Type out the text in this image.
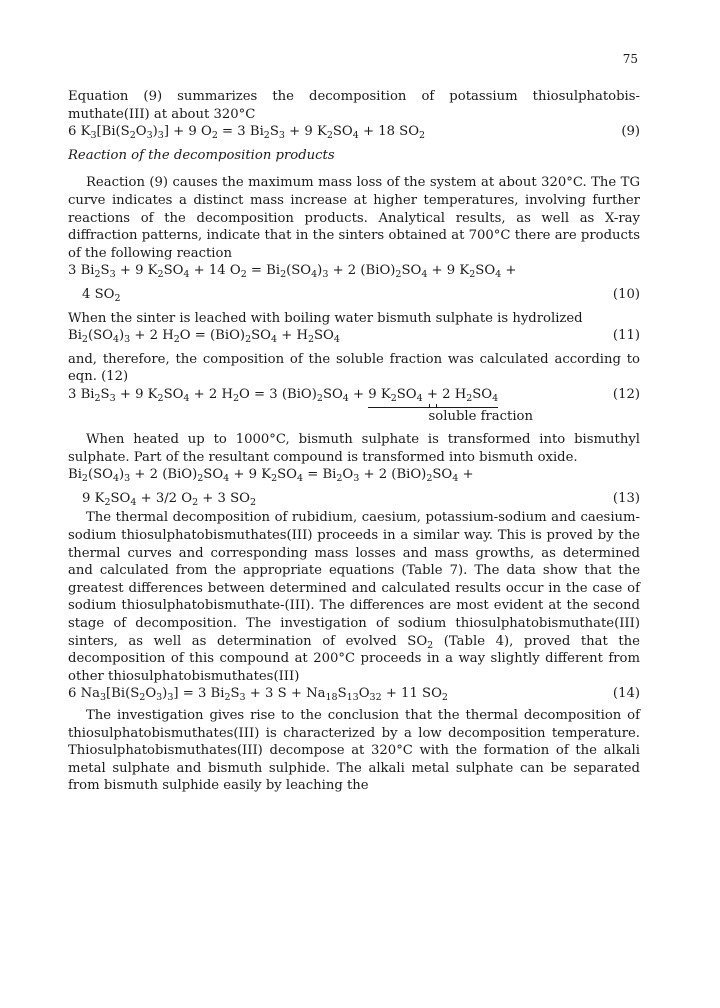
75

Equation (9) summarizes the decomposition of potassium thiosulphatobis-muthate(III) at about 320°C

6 $K_3[Bi(S_2O_3)_3] + 9$ $O_2 = 3$ $Bi_2S_3 + 9$ $K_2SO_4 + 18$ $SO_2$	(9)

Reaction of the decomposition products

Reaction (9) causes the maximum mass loss of the system at about 320°C. The TG curve indicates a distinct mass increase at higher temperatures, involving further reactions of the decomposition products. Analytical results, as well as X-ray diffraction patterns, indicate that in the sinters obtained at 700°C there are products of the following reaction

3 $Bi_2S_3 + 9$ $K_2SO_4 + 14$ $O_2 = Bi_2(SO_4)_3 + 2$ $(BiO)_2SO_4 + 9$ $K_2SO_4$ +
4 $SO_2$	(10)

When the sinter is leached with boiling water bismuth sulphate is hydrolized

$Bi_2(SO_4)_3 + 2$ $H_2O = (BiO)_2SO_4 + H_2SO_4$	(11)

and, therefore, the composition of the soluble fraction was calculated according to eqn. (12)

3 $Bi_2S_3 + 9$ $K_2SO_4 + 2$ $H_2O = 3$ $(BiO)_2SO_4 + 9$ $K_2SO_4 + 2$ $H_2SO_4$	(12)
soluble fraction

When heated up to 1000°C, bismuth sulphate is transformed into bismuthyl sulphate. Part of the resultant compound is transformed into bismuth oxide.

$Bi_2(SO_4)_3 + 2$ $(BiO)_2SO_4 + 9$ $K_2SO_4 = Bi_2O_3 + 2$ $(BiO)_2SO_4$ +
9 $K_2SO_4 + 3/2$ $O_2 + 3$ $SO_2$	(13)

The thermal decomposition of rubidium, caesium, potassium-sodium and caesium-sodium thiosulphatobismuthates(III) proceeds in a similar way. This is proved by the thermal curves and corresponding mass losses and mass growths, as determined and calculated from the appropriate equations (Table 7). The data show that the greatest differences between determined and calculated results occur in the case of sodium thiosulphatobismuthate-(III). The differences are most evident at the second stage of decomposition. The investigation of sodium thiosulphatobismuthate(III) sinters, as well as determination of evolved $SO_2$ (Table 4), proved that the decomposition of this compound at 200°C proceeds in a way slightly different from other thiosulphatobismuthates(III)

6 $Na_3[Bi(S_2O_3)_3] = 3$ $Bi_2S_3 + 3$ $S + Na_{18}S_{13}O_{32} + 11$ $SO_2$	(14)

The investigation gives rise to the conclusion that the thermal decomposition of thiosulphatobismuthates(III) is characterized by a low decomposition temperature. Thiosulphatobismuthates(III) decompose at 320°C with the formation of the alkali metal sulphate and bismuth sulphide. The alkali metal sulphate can be separated from bismuth sulphide easily by leaching the
